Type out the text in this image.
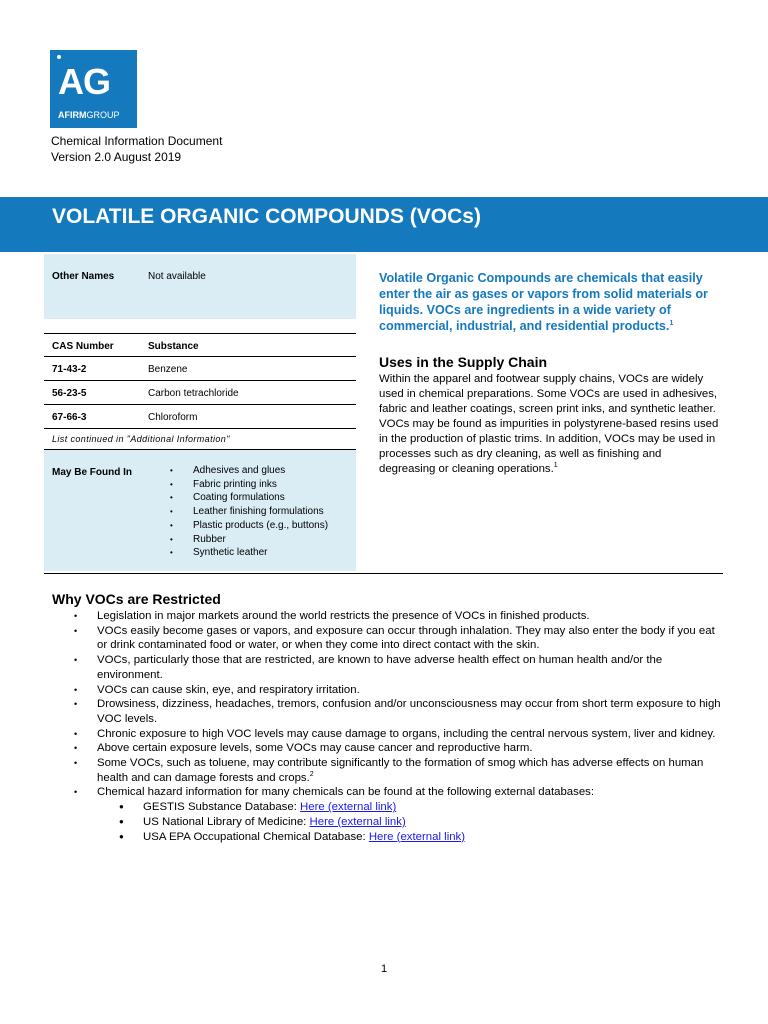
AG
AFIRMGROUP
Chemical Information Document
Version 2.0 August 2019
VOLATILE ORGANIC COMPOUNDS (VOCs)
Other Names	Not available
CAS Number	Substance
71-43-2	Benzene
56-23-5	Carbon tetrachloride
67-66-3	Chloroform
List continued in "Additional Information"
May Be Found In
•	Adhesives and glues
• Fabric printing inks
• Coating formulations
• Leather finishing formulations
• Plastic products (e.g., buttons)
• Rubber
• Synthetic leather

Volatile Organic Compounds are chemicals that easily enter the air as gases or vapors from solid materials or liquids. VOCs are ingredients in a wide variety of commercial, industrial, and residential products.$^1$

Uses in the Supply Chain

Within the apparel and footwear supply chains, VOCs are widely used in chemical preparations. Some VOCs are used in adhesives, fabric and leather coatings, screen print inks, and synthetic leather. VOCs may be found as impurities in polystyrene-based resins used in the production of plastic trims. In addition, VOCs may be used in processes such as dry cleaning, as well as finishing and degreasing or cleaning operations.$^1$

Why VOCs are Restricted
• Legislation in major markets around the world restricts the presence of VOCs in finished products.
• VOCs easily become gases or vapors, and exposure can occur through inhalation. They may also enter the body if you eat or drink contaminated food or water, or when they come into direct contact with the skin.
• VOCs, particularly those that are restricted, are known to have adverse health effect on human health and/or the environment.
• VOCs can cause skin, eye, and respiratory irritation.
• Drowsiness, dizziness, headaches, tremors, confusion and/or unconsciousness may occur from short term exposure to high VOC levels.
• Chronic exposure to high VOC levels may cause damage to organs, including the central nervous system, liver and kidney.
• Above certain exposure levels, some VOCs may cause cancer and reproductive harm.
• Some VOCs, such as toluene, may contribute significantly to the formation of smog which has adverse effects on human health and can damage forests and crops.$^2$
• Chemical hazard information for many chemicals can be found at the following external databases:
● GESTIS Substance Database: Here (external link)
● US National Library of Medicine: Here (external link)
● USA EPA Occupational Chemical Database: Here (external link)
1
